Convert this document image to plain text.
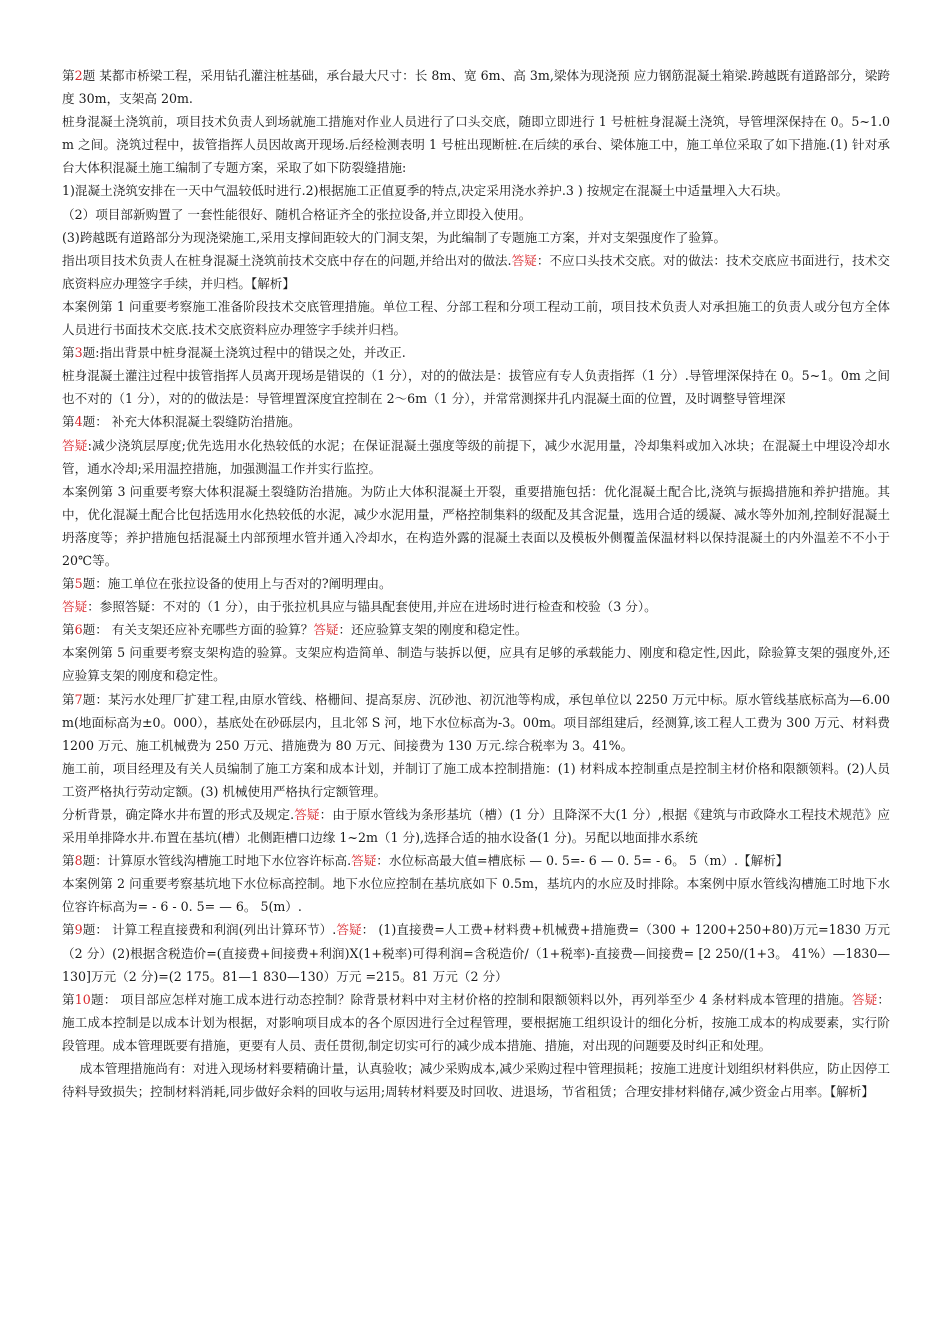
第2题 某都市桥梁工程，采用钻孔灌注桩基础，承台最大尺寸：长 8m、宽 6m、高 3m,梁体为现浇预 应力钢筋混凝土箱梁.跨越既有道路部分，梁跨度 30m，支架高 20m.

桩身混凝土浇筑前，项目技术负责人到场就施工措施对作业人员进行了口头交底，随即立即进行 1 号桩桩身混凝土浇筑，导管埋深保持在 0。5~1.0m 之间。浇筑过程中，拔管指挥人员因故离开现场.后经检测表明 1 号桩出现断桩.在后续的承台、梁体施工中，施工单位采取了如下措施.(1) 针对承台大体积混凝土施工编制了专题方案，采取了如下防裂缝措施:

1)混凝土浇筑安排在一天中气温较低时进行.2)根据施工正值夏季的特点,决定采用浇水养护.3 ) 按规定在混凝土中适量埋入大石块。

（2）项目部新购置了 一套性能很好、随机合格证齐全的张拉设备,并立即投入使用。

(3)跨越既有道路部分为现浇梁施工,采用支撑间距较大的门洞支架，为此编制了专题施工方案，并对支架强度作了验算。

指出项目技术负责人在桩身混凝土浇筑前技术交底中存在的问题,并给出对的做法.答疑：不应口头技术交底。对的做法：技术交底应书面进行，技术交底资料应办理签字手续，并归档。【解析】

本案例第 1 问重要考察施工准备阶段技术交底管理措施。单位工程、分部工程和分项工程动工前，项目技术负责人对承担施工的负责人或分包方全体人员进行书面技术交底.技术交底资料应办理签字手续并归档。

第3题:指出背景中桩身混凝土浇筑过程中的错误之处，并改正.

桩身混凝土灌注过程中拔管指挥人员离开现场是错误的（1 分），对的的做法是：拔管应有专人负责指挥（1 分）.导管埋深保持在 0。5~1。0m 之间也不对的（1 分），对的的做法是：导管埋置深度宜控制在 2～6m（1 分），并常常测探井孔内混凝土面的位置，及时调整导管埋深

第4题： 补充大体积混凝土裂缝防治措施。

答疑:减少浇筑层厚度;优先选用水化热较低的水泥；在保证混凝土强度等级的前提下，减少水泥用量，冷却集料或加入冰块；在混凝土中埋设冷却水管，通水冷却;采用温控措施，加强测温工作并实行监控。

本案例第 3 问重要考察大体积混凝土裂缝防治措施。为防止大体积混凝土开裂，重要措施包括：优化混凝土配合比,浇筑与振捣措施和养护措施。其中，优化混凝土配合比包括选用水化热较低的水泥，减少水泥用量，严格控制集料的级配及其含泥量，选用合适的缓凝、减水等外加剂,控制好混凝土坍落度等；养护措施包括混凝土内部预埋水管并通入冷却水，在构造外露的混凝土表面以及模板外侧覆盖保温材料以保持混凝土的内外温差不不小于 20℃等。

第5题：施工单位在张拉设备的使用上与否对的?阐明理由。

答疑：参照答疑：不对的（1 分），由于张拉机具应与锚具配套使用,并应在进场时进行检查和校验（3 分）。

第6题： 有关支架还应补充哪些方面的验算？答疑：还应验算支架的刚度和稳定性。

本案例第 5 问重要考察支架构造的验算。支架应构造简单、制造与装拆以便，应具有足够的承载能力、刚度和稳定性,因此，除验算支架的强度外,还应验算支架的刚度和稳定性。

第7题：某污水处理厂扩建工程,由原水管线、格栅间、提高泵房、沉砂池、初沉池等构成，承包单位以 2250 万元中标。原水管线基底标高为—6.00m(地面标高为±0。000），基底处在砂砾层内，且北邻 S 河，地下水位标高为-3。00m。项目部组建后，经测算,该工程人工费为 300 万元、材料费 1200 万元、施工机械费为 250 万元、措施费为 80 万元、间接费为 130 万元.综合税率为 3。41%。

施工前，项目经理及有关人员编制了施工方案和成本计划，并制订了施工成本控制措施：(1) 材料成本控制重点是控制主材价格和限额领料。(2)人员工资严格执行劳动定额。(3) 机械使用严格执行定额管理。

分析背景，确定降水井布置的形式及规定.答疑：由于原水管线为条形基坑（槽）(1 分）且降深不大(1 分）,根据《建筑与市政降水工程技术规范》应采用单排降水井.布置在基坑(槽）北侧距槽口边缘 1~2m（1 分),选择合适的抽水设备(1 分)。另配以地面排水系统

第8题：计算原水管线沟槽施工时地下水位容许标高.答疑：水位标高最大值=槽底标 — 0. 5=- 6 — 0. 5= - 6。 5（m）.【解析】

本案例第 2 问重要考察基坑地下水位标高控制。地下水位应控制在基坑底如下 0.5m，基坑内的水应及时排除。本案例中原水管线沟槽施工时地下水位容许标高为= - 6 - 0. 5= — 6。 5(m）.

第9题： 计算工程直接费和利润(列出计算环节）.答疑： (1)直接费=人工费+材料费+机械费+措施费=（300 + 1200+250+80)万元=1830 万元（2 分）(2)根据含税造价=(直接费+间接费+利润)X(1+税率)可得利润=含税造价/（1+税率)-直接费—间接费= [2 250/(1+3。 41%）—1830—130]万元（2 分)=(2 175。81—1 830—130）万元 =215。81 万元（2 分）

第10题： 项目部应怎样对施工成本进行动态控制？除背景材料中对主材价格的控制和限额领料以外，再列举至少 4 条材料成本管理的措施。答疑： 施工成本控制是以成本计划为根据，对影响项目成本的各个原因进行全过程管理，要根据施工组织设计的细化分析，按施工成本的构成要素，实行阶段管理。成本管理既要有措施，更要有人员、责任贯彻,制定切实可行的减少成本措施、措施，对出现的问题要及时纠正和处理。

成本管理措施尚有：对进入现场材料要精确计量，认真验收；减少采购成本,减少采购过程中管理损耗；按施工进度计划组织材料供应，防止因停工待料导致损失；控制材料消耗,同步做好余料的回收与运用;周转材料要及时回收、进退场，节省租赁；合理安排材料储存,减少资金占用率。【解析】
